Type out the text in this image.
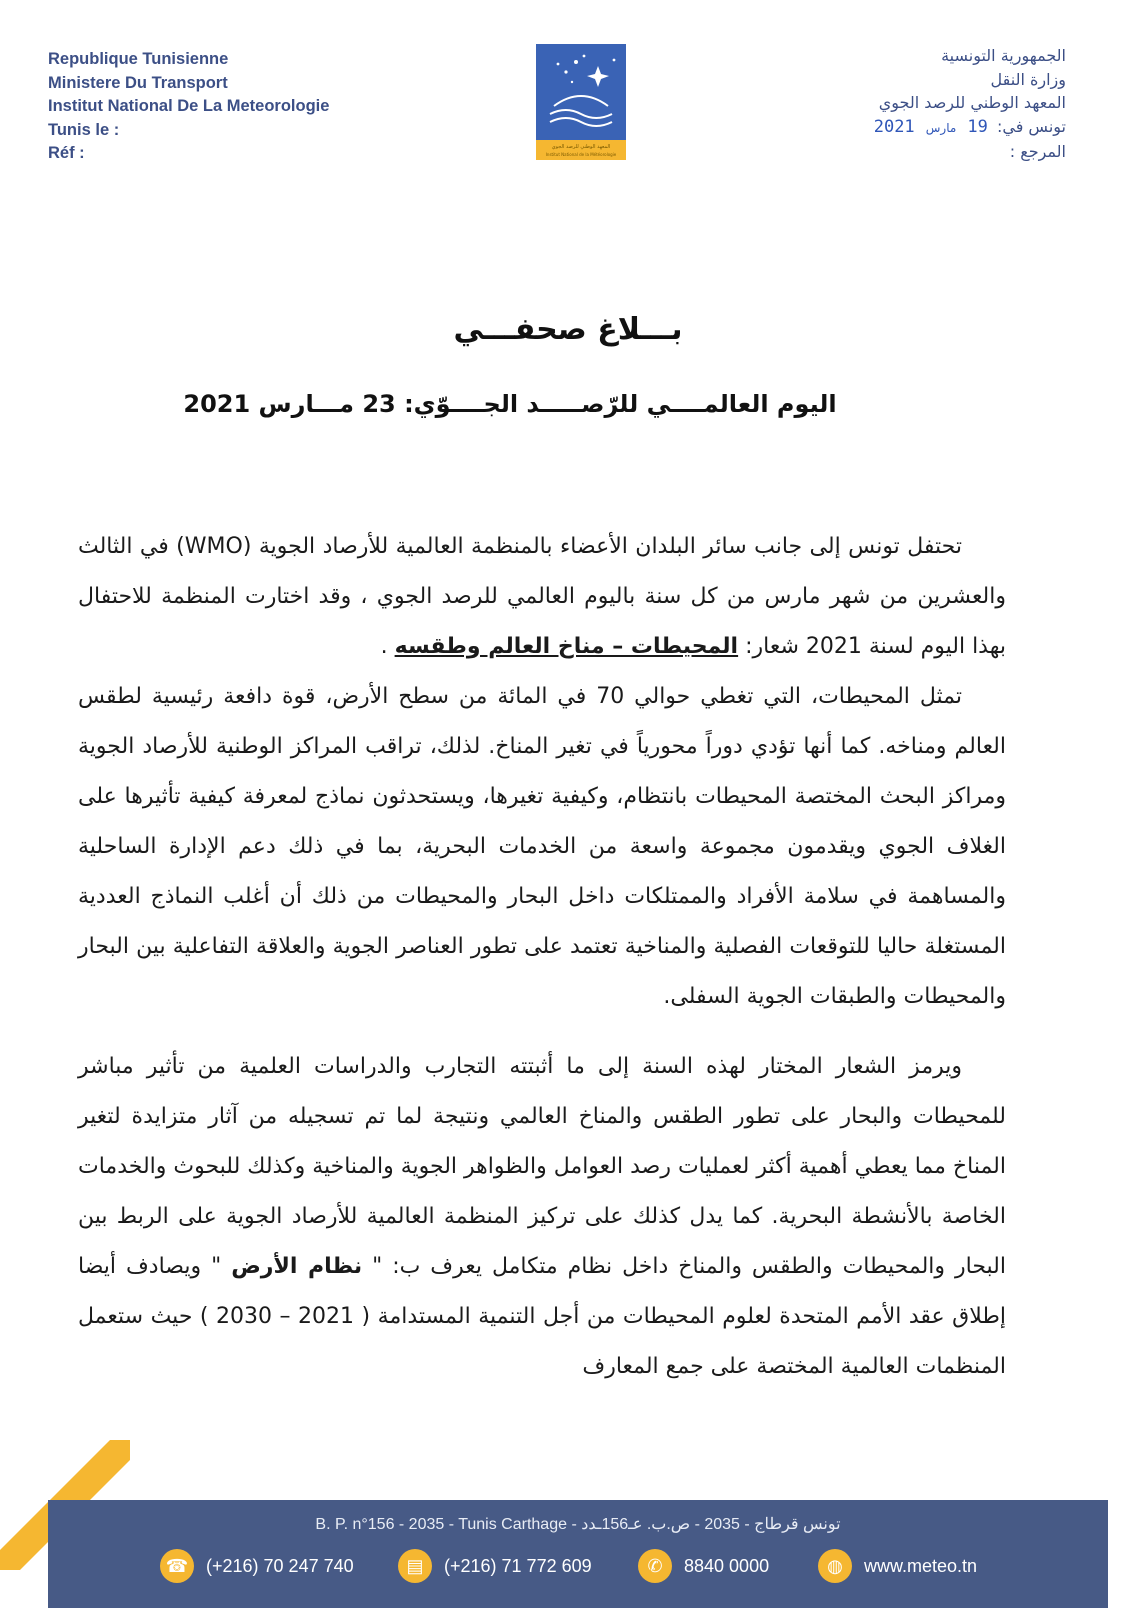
Republique Tunisienne
Ministere Du Transport
Institut National De La Meteorologie
Tunis le :
Réf :	المعهد الوطني للرصد الجوي
Institut National de la Météorologie
الجمهورية التونسية
وزارة النقل
المعهد الوطني للرصد الجوي
تونس في: 19 مارس 2021
المرجع :
بـــلاغ صحفـــي
اليوم العالمــــي للرّصـــــد الجــــوّي: 23 مـــارس 2021

تحتفل تونس إلى جانب سائر البلدان الأعضاء بالمنظمة العالمية للأرصاد الجوية (WMO) في الثالث والعشرين من شهر مارس من كل سنة باليوم العالمي للرصد الجوي ، وقد اختارت المنظمة للاحتفال بهذا اليوم لسنة 2021 شعار: المحيطات – مناخ العالم وطقسه .

تمثل المحيطات، التي تغطي حوالي 70 في المائة من سطح الأرض، قوة دافعة رئيسية لطقس العالم ومناخه. كما أنها تؤدي دوراً محورياً في تغير المناخ. لذلك، تراقب المراكز الوطنية للأرصاد الجوية ومراكز البحث المختصة المحيطات بانتظام، وكيفية تغيرها، ويستحدثون نماذج لمعرفة كيفية تأثيرها على الغلاف الجوي ويقدمون مجموعة واسعة من الخدمات البحرية، بما في ذلك دعم الإدارة الساحلية والمساهمة في سلامة الأفراد والممتلكات داخل البحار والمحيطات من ذلك أن أغلب النماذج العددية المستغلة حاليا للتوقعات الفصلية والمناخية تعتمد على تطور العناصر الجوية والعلاقة التفاعلية بين البحار والمحيطات والطبقات الجوية السفلى.

ويرمز الشعار المختار لهذه السنة إلى ما أثبتته التجارب والدراسات العلمية من تأثير مباشر للمحيطات والبحار على تطور الطقس والمناخ العالمي ونتيجة لما تم تسجيله من آثار متزايدة لتغير المناخ مما يعطي أهمية أكثر لعمليات رصد العوامل والظواهر الجوية والمناخية وكذلك للبحوث والخدمات الخاصة بالأنشطة البحرية. كما يدل كذلك على تركيز المنظمة العالمية للأرصاد الجوية على الربط بين البحار والمحيطات والطقس والمناخ داخل نظام متكامل يعرف ب: " نظام الأرض " ويصادف أيضا إطلاق عقد الأمم المتحدة لعلوم المحيطات من أجل التنمية المستدامة ( 2021 – 2030 ) حيث ستعمل المنظمات العالمية المختصة على جمع المعارف

B. P. n°156 - 2035 - Tunis Carthage - تونس قرطاج - 2035 - ص.ب. عـ156ـدد
☎ (+216) 70 247 740	▤	(+216) 71 772 609	✆	8840 0000	◍	www.meteo.tn
